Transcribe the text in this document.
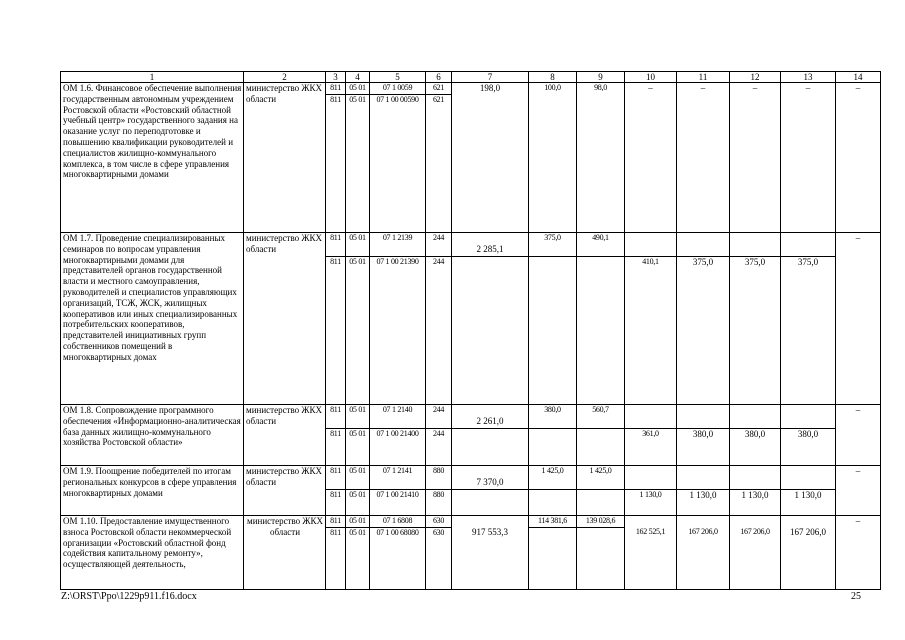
1	2	3	4	5	6	7	8	9	10	11	12	13	14
ОМ 1.6. Финансовое обеспечение выполнения государственным автономным учреждением Ростовской области «Ростовский областной учебный центр» государственного задания на оказание услуг по переподготовке и повышению квалификации руководителей и специалистов жилищно-коммунального комплекса, в том числе в сфере управления многоквартирными домами	министерство ЖКХ области	811	05 01	07 1 0059	621	198,0	100,0	98,0	–	–	–	–	–
		811	05 01	07 1 00 00590	621								
ОМ 1.7. Проведение специализированных семинаров по вопросам управления многоквартирными домами для представителей органов государственной власти и местного самоуправления, руководителей и специалистов управляющих организаций, ТСЖ, ЖСК, жилищных кооперативов или иных специализированных потребительских кооперативов, представителей инициативных групп собственников помещений в многоквартирных домах	министерство ЖКХ области	811	05 01	07 1 2139	244	2 285,1	375,0	490,1					–
		811	05 01	07 1 00 21390	244				410,1	375,0	375,0	375,0	
ОМ 1.8. Сопровождение программного обеспечения «Информационно-аналитическая база данных жилищно-коммунального хозяйства Ростовской области»	министерство ЖКХ области	811	05 01	07 1 2140	244	2 261,0	380,0	560,7					–
		811	05 01	07 1 00 21400	244				361,0	380,0	380,0	380,0	
ОМ 1.9. Поощрение победителей по итогам региональных конкурсов в сфере управления многоквартирных домами	министерство ЖКХ области	811	05 01	07 1 2141	880	7 370,0	1 425,0	1 425,0					–
		811	05 01	07 1 00 21410	880				1 130,0	1 130,0	1 130,0	1 130,0	
ОМ 1.10. Предоставление имущественного взноса Ростовской области некоммерческой организации «Ростовский областной фонд содействия капитальному ремонту», осуществляющей деятельность,	министерство ЖКХ области	811	05 01	07 1 6808	630	917 553,3	114 381,6	139 028,6	162 525,1	167 206,0	167 206,0	167 206,0	–
		811	05 01	07 1 00 68080	630								
Z:\ORST\Ppo\1229p911.f16.docx	25
